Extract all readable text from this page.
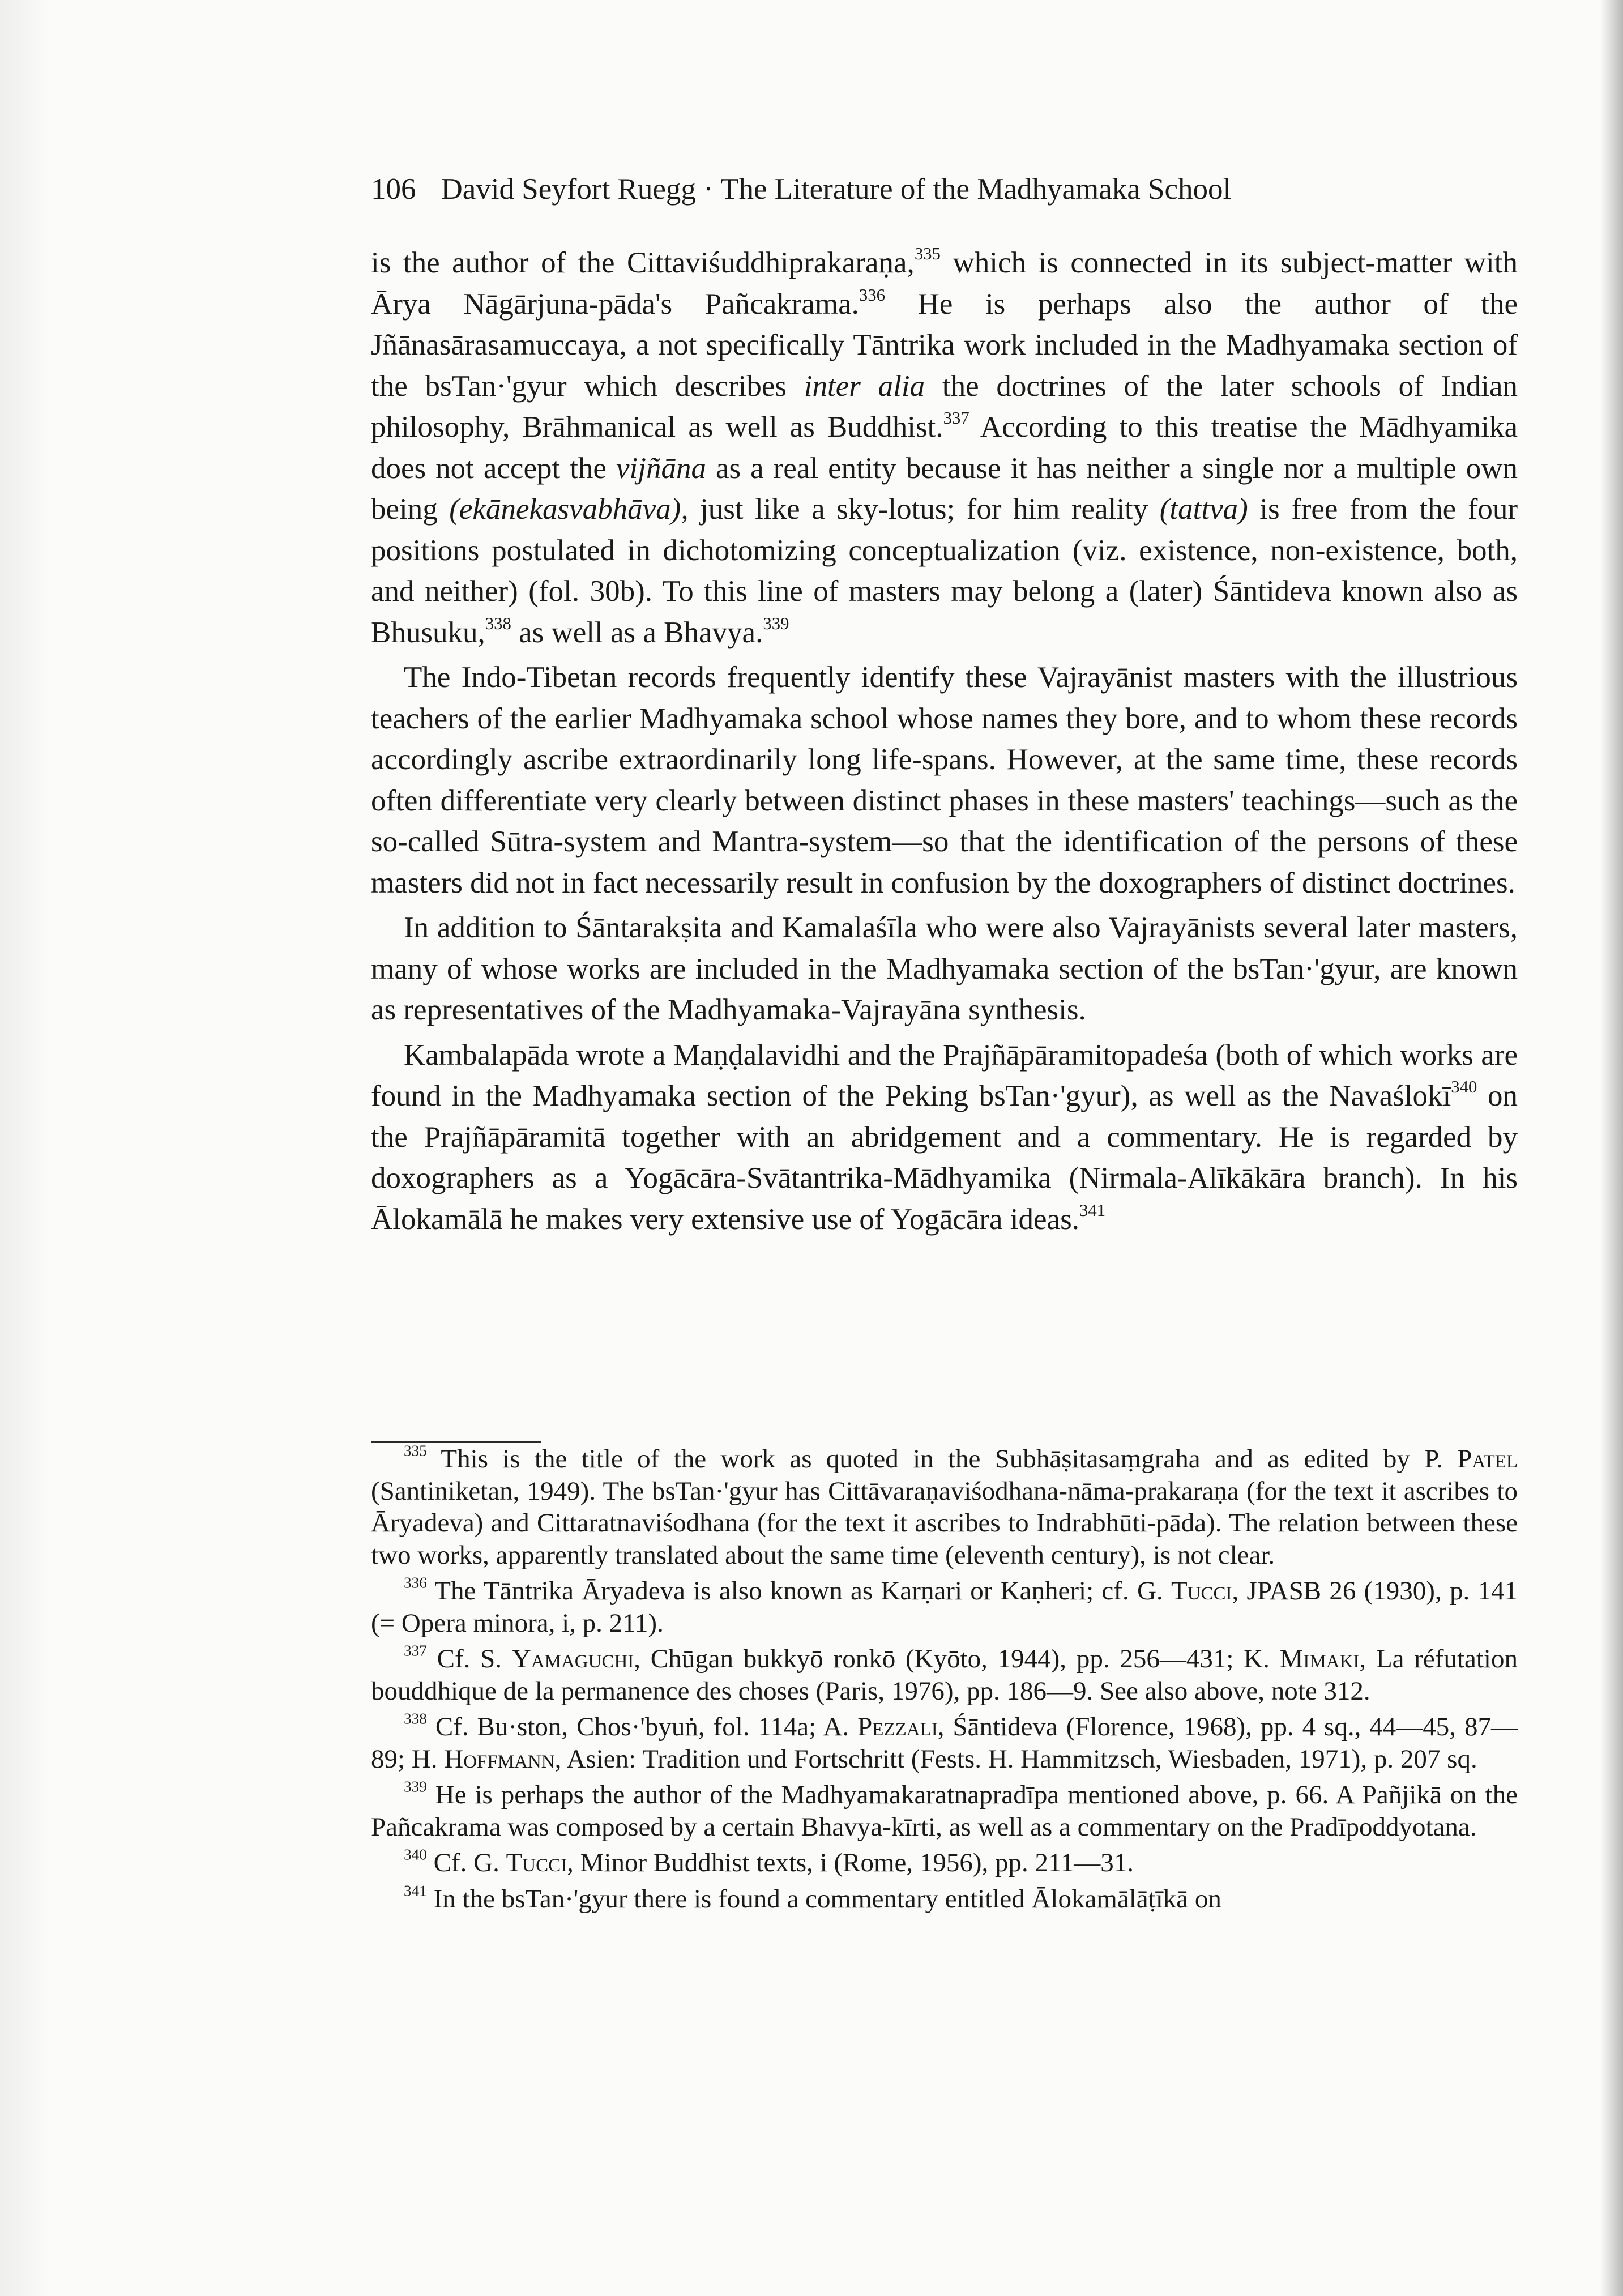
106 David Seyfort Ruegg · The Literature of the Madhyamaka School

is the author of the Cittaviśuddhiprakaraṇa,$^{335}$ which is connected in its subject-matter with Ārya Nāgārjuna-pāda's Pañcakrama.$^{336}$ He is perhaps also the author of the Jñānasārasamuccaya, a not specifically Tāntrika work included in the Madhyamaka section of the bsTan·'gyur which describes inter alia the doctrines of the later schools of Indian philosophy, Brāhmanical as well as Buddhist.$^{337}$ According to this treatise the Mādhyamika does not accept the vijñāna as a real entity because it has neither a single nor a multiple own being (ekānekasvabhāva), just like a sky-lotus; for him reality (tattva) is free from the four positions postulated in dichotomizing conceptualization (viz. existence, non-existence, both, and neither) (fol. 30b). To this line of masters may belong a (later) Śāntideva known also as Bhusuku,$^{338}$ as well as a Bhavya.$^{339}$

The Indo-Tibetan records frequently identify these Vajrayānist masters with the illustrious teachers of the earlier Madhyamaka school whose names they bore, and to whom these records accordingly ascribe extraordinarily long life-spans. However, at the same time, these records often differentiate very clearly between distinct phases in these masters' teachings—such as the so-called Sūtra-system and Mantra-system—so that the identification of the persons of these masters did not in fact necessarily result in confusion by the doxographers of distinct doctrines.

In addition to Śāntarakṣita and Kamalaśīla who were also Vajrayānists several later masters, many of whose works are included in the Madhyamaka section of the bsTan·'gyur, are known as representatives of the Madhyamaka-Vajrayāna synthesis.

Kambalapāda wrote a Maṇḍalavidhi and the Prajñāpāramitopadeśa (both of which works are found in the Madhyamaka section of the Peking bsTan·'gyur), as well as the Navaślokī$^{340}$ on the Prajñāpāramitā together with an abridgement and a commentary. He is regarded by doxographers as a Yogācāra-Svātantrika-Mādhyamika (Nirmala-Alīkākāra branch). In his Ālokamālā he makes very extensive use of Yogācāra ideas.$^{341}$

$^{335}$ This is the title of the work as quoted in the Subhāṣitasaṃgraha and as edited by P. Patel (Santiniketan, 1949). The bsTan·'gyur has Cittāvaraṇaviśodhana-nāma-prakaraṇa (for the text it ascribes to Āryadeva) and Cittaratnaviśodhana (for the text it ascribes to Indrabhūti-pāda). The relation between these two works, apparently translated about the same time (eleventh century), is not clear.

$^{336}$ The Tāntrika Āryadeva is also known as Karṇari or Kaṇheri; cf. G. Tucci, JPASB 26 (1930), p. 141 (= Opera minora, i, p. 211).

$^{337}$ Cf. S. Yamaguchi, Chūgan bukkyō ronkō (Kyōto, 1944), pp. 256—431; K. Mimaki, La réfutation bouddhique de la permanence des choses (Paris, 1976), pp. 186—9. See also above, note 312.

$^{338}$ Cf. Bu·ston, Chos·'byuṅ, fol. 114a; A. Pezzali, Śāntideva (Florence, 1968), pp. 4 sq., 44—45, 87—89; H. Hoffmann, Asien: Tradition und Fortschritt (Fests. H. Hammitzsch, Wiesbaden, 1971), p. 207 sq.

$^{339}$ He is perhaps the author of the Madhyamakaratnapradīpa mentioned above, p. 66. A Pañjikā on the Pañcakrama was composed by a certain Bhavya-kīrti, as well as a commentary on the Pradīpoddyotana.

$^{340}$ Cf. G. Tucci, Minor Buddhist texts, i (Rome, 1956), pp. 211—31.

$^{341}$ In the bsTan·'gyur there is found a commentary entitled Ālokamālāṭīkā on
